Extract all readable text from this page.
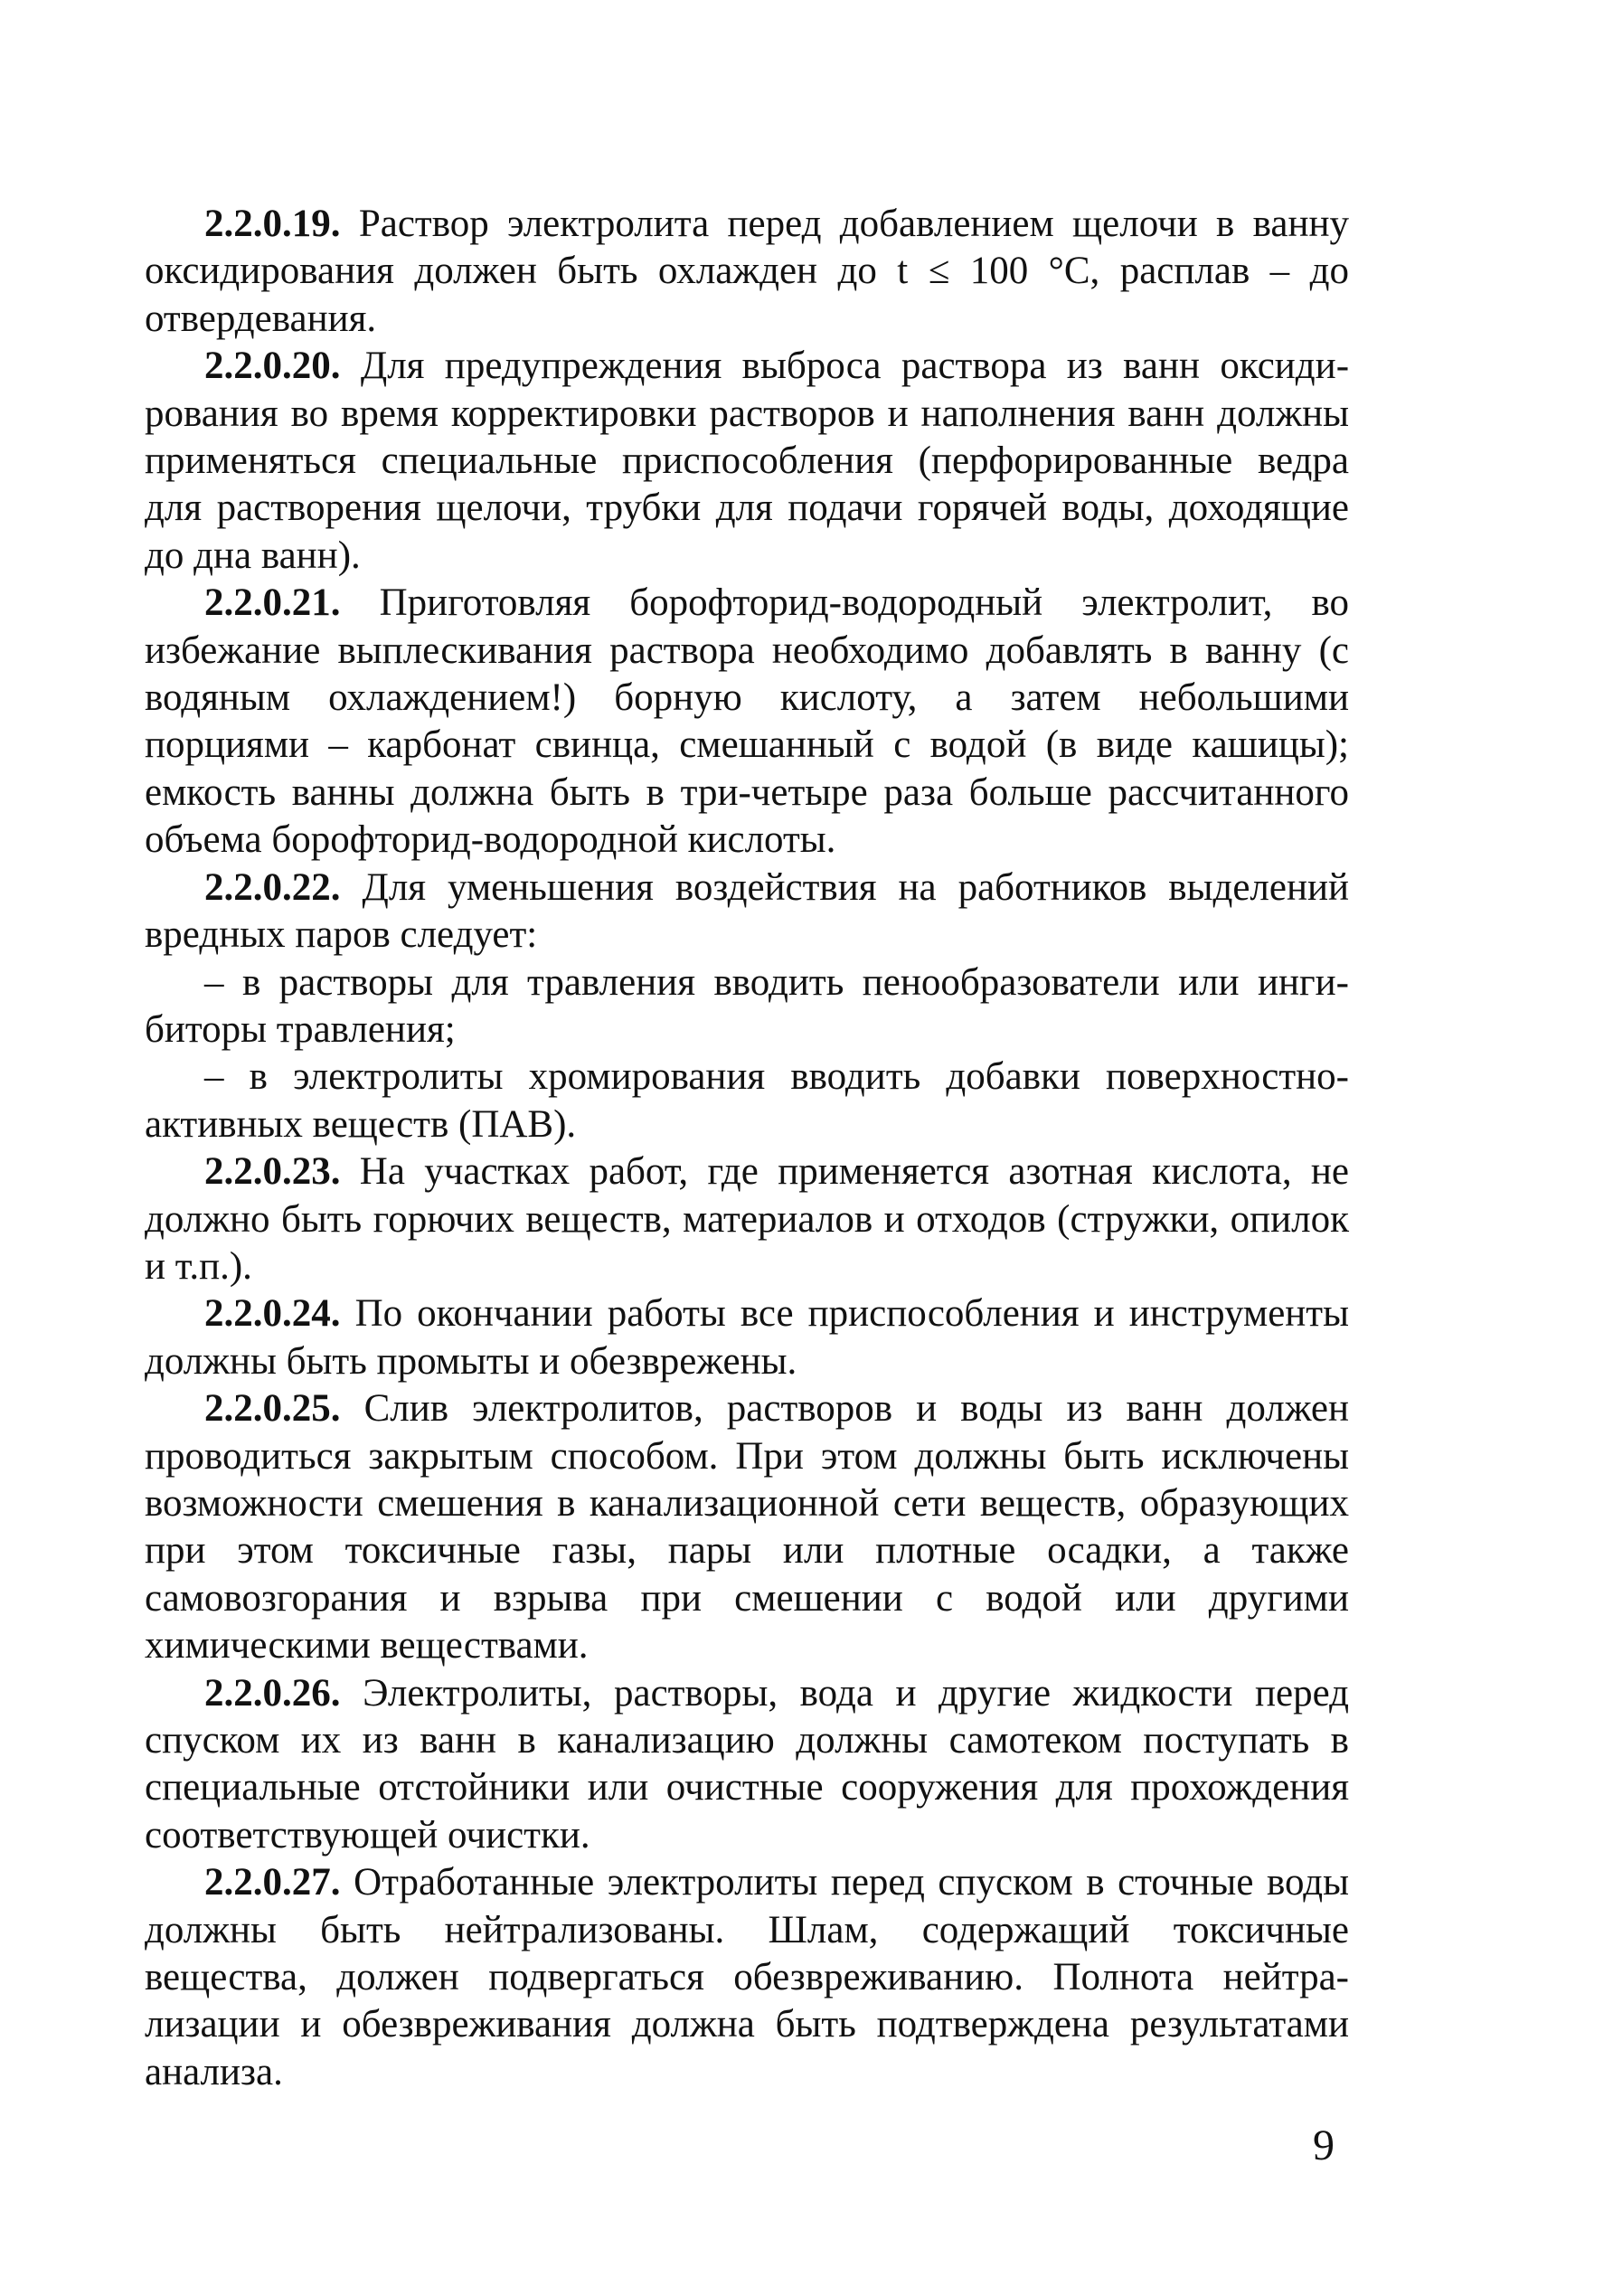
2.2.0.19. Раствор электролита перед добавлением щелочи в ванну оксидирования должен быть охлажден до t ≤ 100 °С, расплав – до отвердевания.

2.2.0.20. Для предупреждения выброса раствора из ванн оксидирования во время корректировки растворов и наполнения ванн должны применяться специальные приспособления (перфорированные ведра для растворения щелочи, трубки для подачи горячей воды, доходящие до дна ванн).

2.2.0.21. Приготовляя борофторид-водородный электролит, во избежание выплескивания раствора необходимо добавлять в ванну (с водяным охлаждением!) борную кислоту, а затем небольшими порциями – карбонат свинца, смешанный с водой (в виде кашицы); емкость ванны должна быть в три-четыре раза больше рассчитанного объема борофторид-водородной кислоты.

2.2.0.22. Для уменьшения воздействия на работников выделений вредных паров следует:

– в растворы для травления вводить пенообразователи или ингибиторы травления;

– в электролиты хромирования вводить добавки поверхностноактивных веществ (ПАВ).

2.2.0.23. На участках работ, где применяется азотная кислота, не должно быть горючих веществ, материалов и отходов (стружки, опилок и т.п.).

2.2.0.24. По окончании работы все приспособления и инструменты должны быть промыты и обезврежены.

2.2.0.25. Слив электролитов, растворов и воды из ванн должен проводиться закрытым способом. При этом должны быть исключены возможности смешения в канализационной сети веществ, образующих при этом токсичные газы, пары или плотные осадки, а также самовозгорания и взрыва при смешении с водой или другими химическими веществами.

2.2.0.26. Электролиты, растворы, вода и другие жидкости перед спуском их из ванн в канализацию должны самотеком поступать в специальные отстойники или очистные сооружения для прохождения соответствующей очистки.

2.2.0.27. Отработанные электролиты перед спуском в сточные воды должны быть нейтрализованы. Шлам, содержащий токсичные вещества, должен подвергаться обезвреживанию. Полнота нейтрализации и обезвреживания должна быть подтверждена результатами анализа.

9
